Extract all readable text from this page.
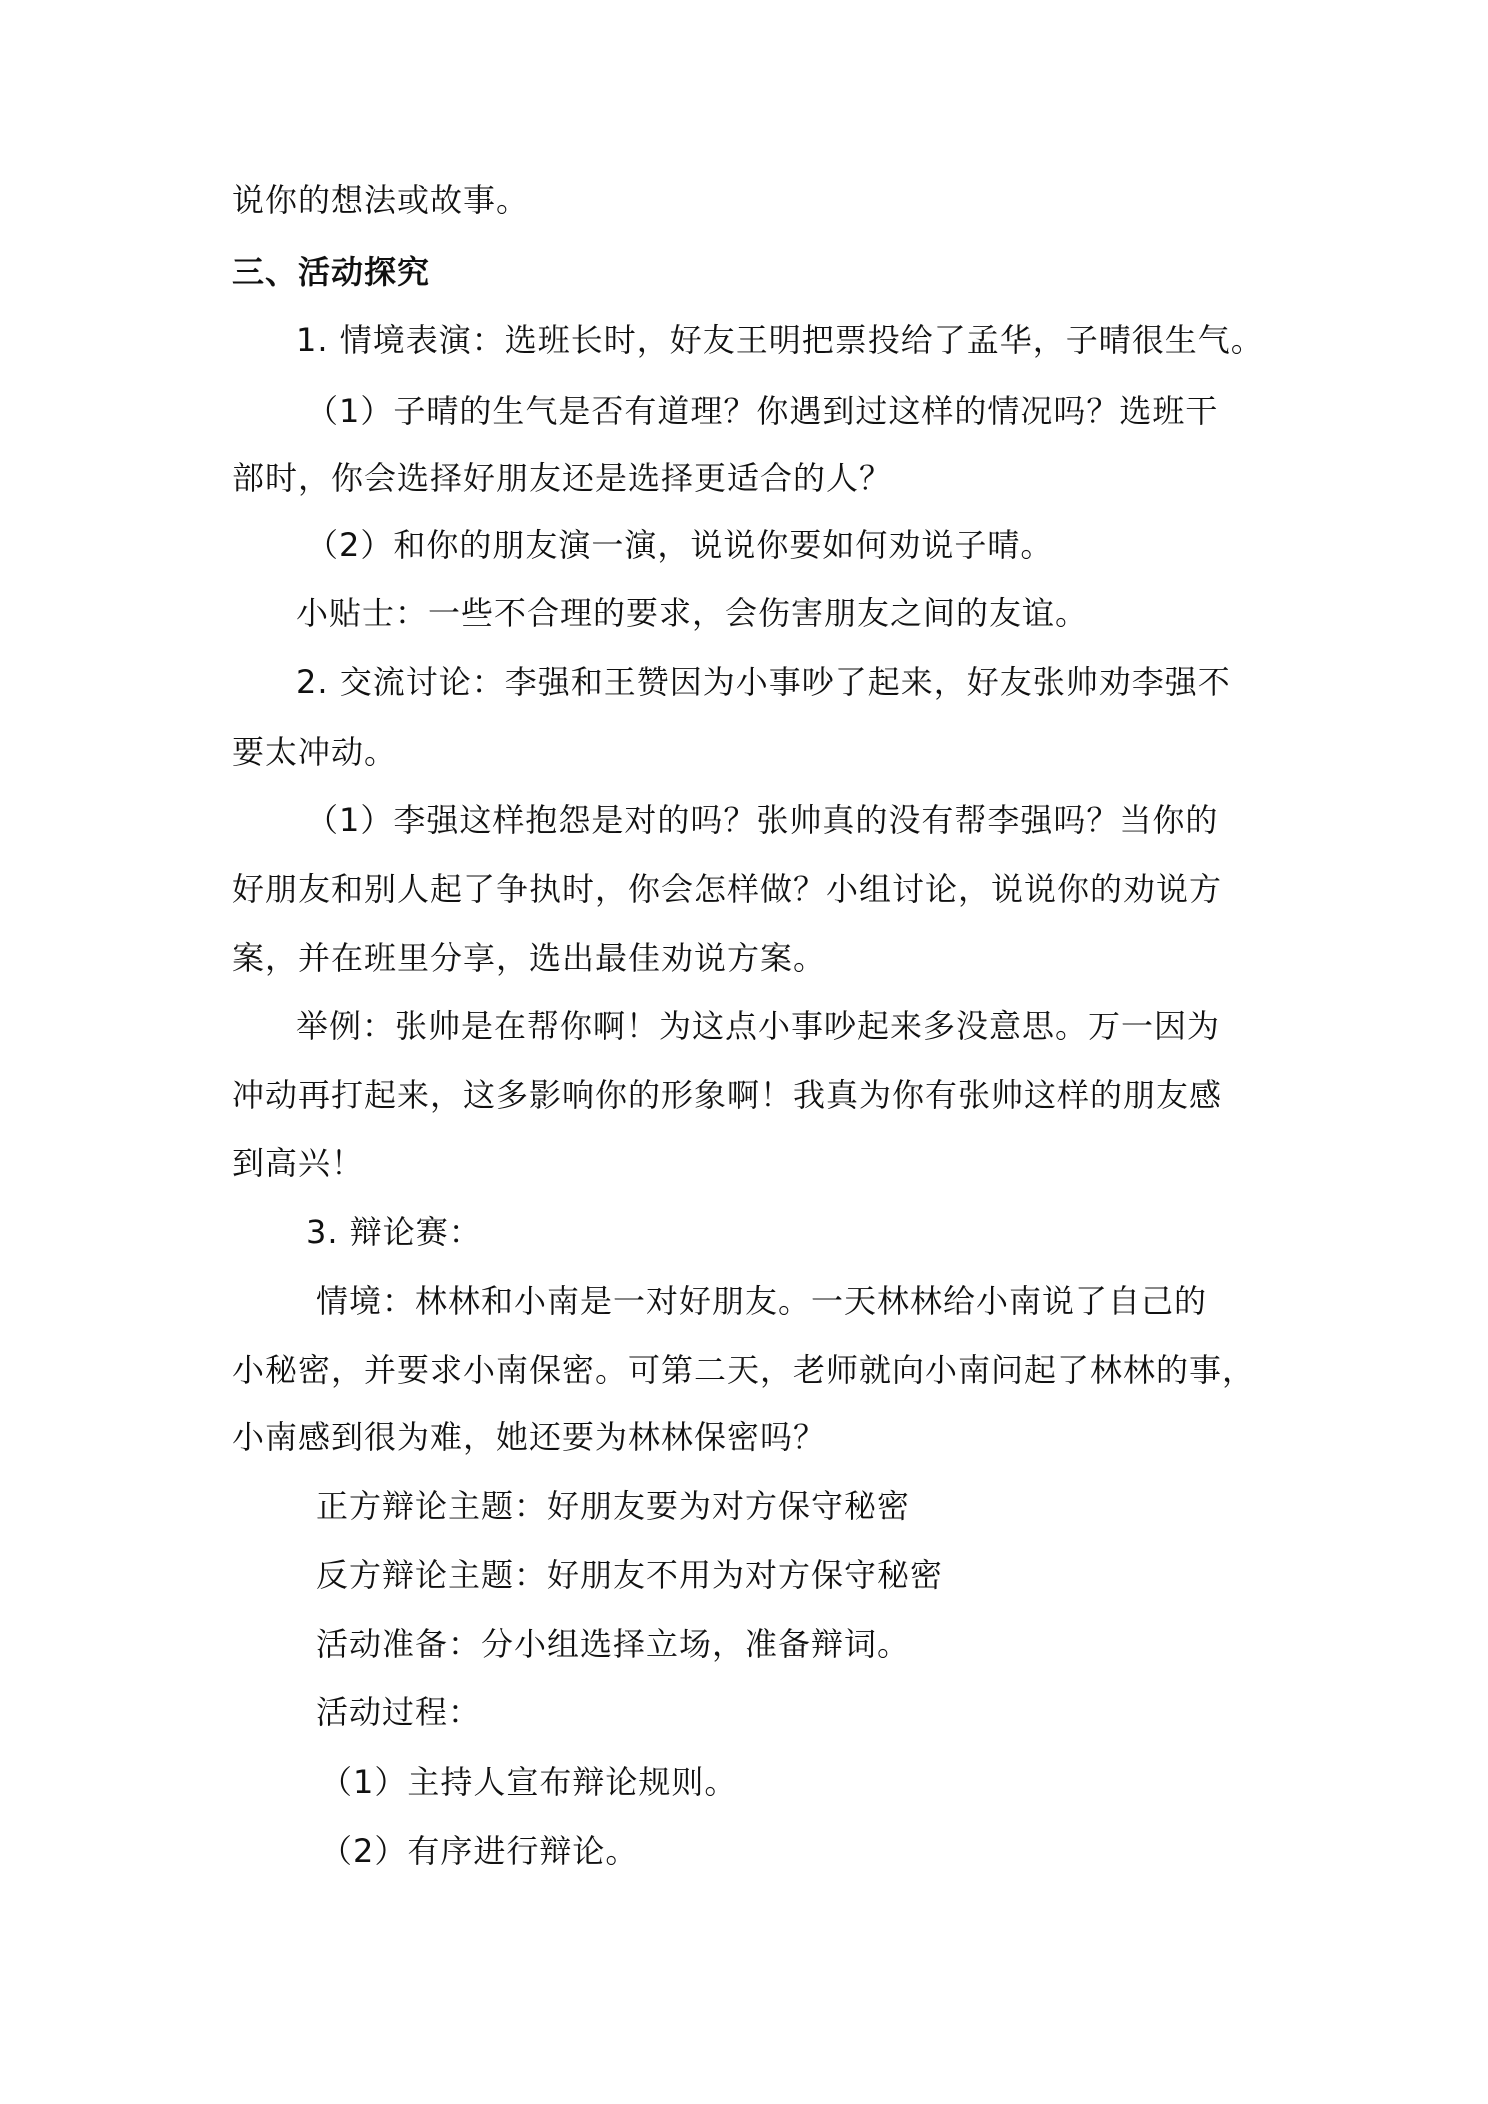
说你的想法或故事。
三、活动探究
1. 情境表演：选班长时，好友王明把票投给了孟华，子晴很生气。
（1）子晴的生气是否有道理？你遇到过这样的情况吗？选班干
部时，你会选择好朋友还是选择更适合的人？
（2）和你的朋友演一演，说说你要如何劝说子晴。
小贴士：一些不合理的要求，会伤害朋友之间的友谊。
2. 交流讨论：李强和王赞因为小事吵了起来，好友张帅劝李强不
要太冲动。
（1）李强这样抱怨是对的吗？张帅真的没有帮李强吗？当你的
好朋友和别人起了争执时，你会怎样做？小组讨论，说说你的劝说方
案，并在班里分享，选出最佳劝说方案。
举例：张帅是在帮你啊！为这点小事吵起来多没意思。万一因为
冲动再打起来，这多影响你的形象啊！我真为你有张帅这样的朋友感
到高兴！
3. 辩论赛：
情境：林林和小南是一对好朋友。一天林林给小南说了自己的
小秘密，并要求小南保密。可第二天，老师就向小南问起了林林的事，
小南感到很为难，她还要为林林保密吗？
正方辩论主题：好朋友要为对方保守秘密
反方辩论主题：好朋友不用为对方保守秘密
活动准备：分小组选择立场，准备辩词。
活动过程：
（1）主持人宣布辩论规则。
（2）有序进行辩论。
